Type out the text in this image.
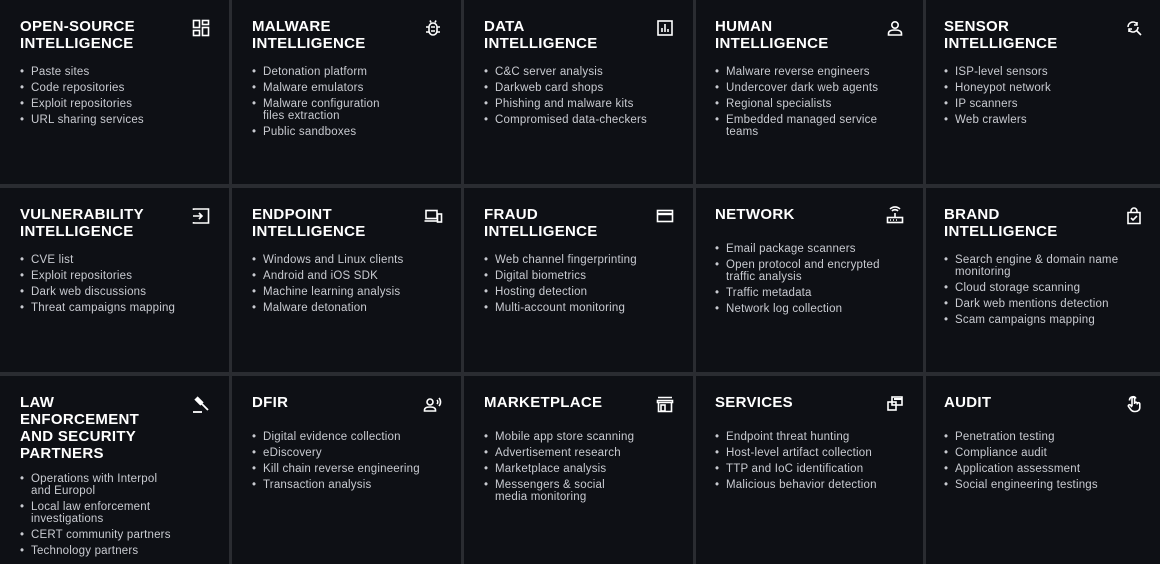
OPEN-SOURCE
INTELLIGENCE
• Paste sites
• Code repositories
• Exploit repositories
• URL sharing services
MALWARE
INTELLIGENCE
• Detonation platform
• Malware emulators
• Malware configuration
files extraction
• Public sandboxes
DATA
INTELLIGENCE
• C&C server analysis
• Darkweb card shops
• Phishing and malware kits
• Compromised data-checkers
HUMAN
INTELLIGENCE
• Malware reverse engineers
• Undercover dark web agents
• Regional specialists
• Embedded managed service
teams
SENSOR
INTELLIGENCE
• ISP-level sensors
• Honeypot network
• IP scanners
• Web crawlers
VULNERABILITY
INTELLIGENCE
• CVE list
• Exploit repositories
• Dark web discussions
• Threat campaigns mapping
ENDPOINT
INTELLIGENCE
• Windows and Linux clients
• Android and iOS SDK
• Machine learning analysis
• Malware detonation
FRAUD
INTELLIGENCE
• Web channel fingerprinting
• Digital biometrics
• Hosting detection
• Multi-account monitoring
NETWORK
• Email package scanners
• Open protocol and encrypted
traffic analysis
• Traffic metadata
• Network log collection
BRAND
INTELLIGENCE
• Search engine & domain name
monitoring
• Cloud storage scanning
• Dark web mentions detection
• Scam campaigns mapping
LAW ENFORCEMENT
AND SECURITY
PARTNERS
• Operations with Interpol
and Europol
• Local law enforcement
investigations
• CERT community partners
• Technology partners
DFIR
• Digital evidence collection
• eDiscovery
• Kill chain reverse engineering
• Transaction analysis
MARKETPLACE
• Mobile app store scanning
• Advertisement research
• Marketplace analysis
• Messengers & social
media monitoring
SERVICES
• Endpoint threat hunting
• Host-level artifact collection
• TTP and IoC identification
• Malicious behavior detection
AUDIT
• Penetration testing
• Compliance audit
• Application assessment
• Social engineering testings
